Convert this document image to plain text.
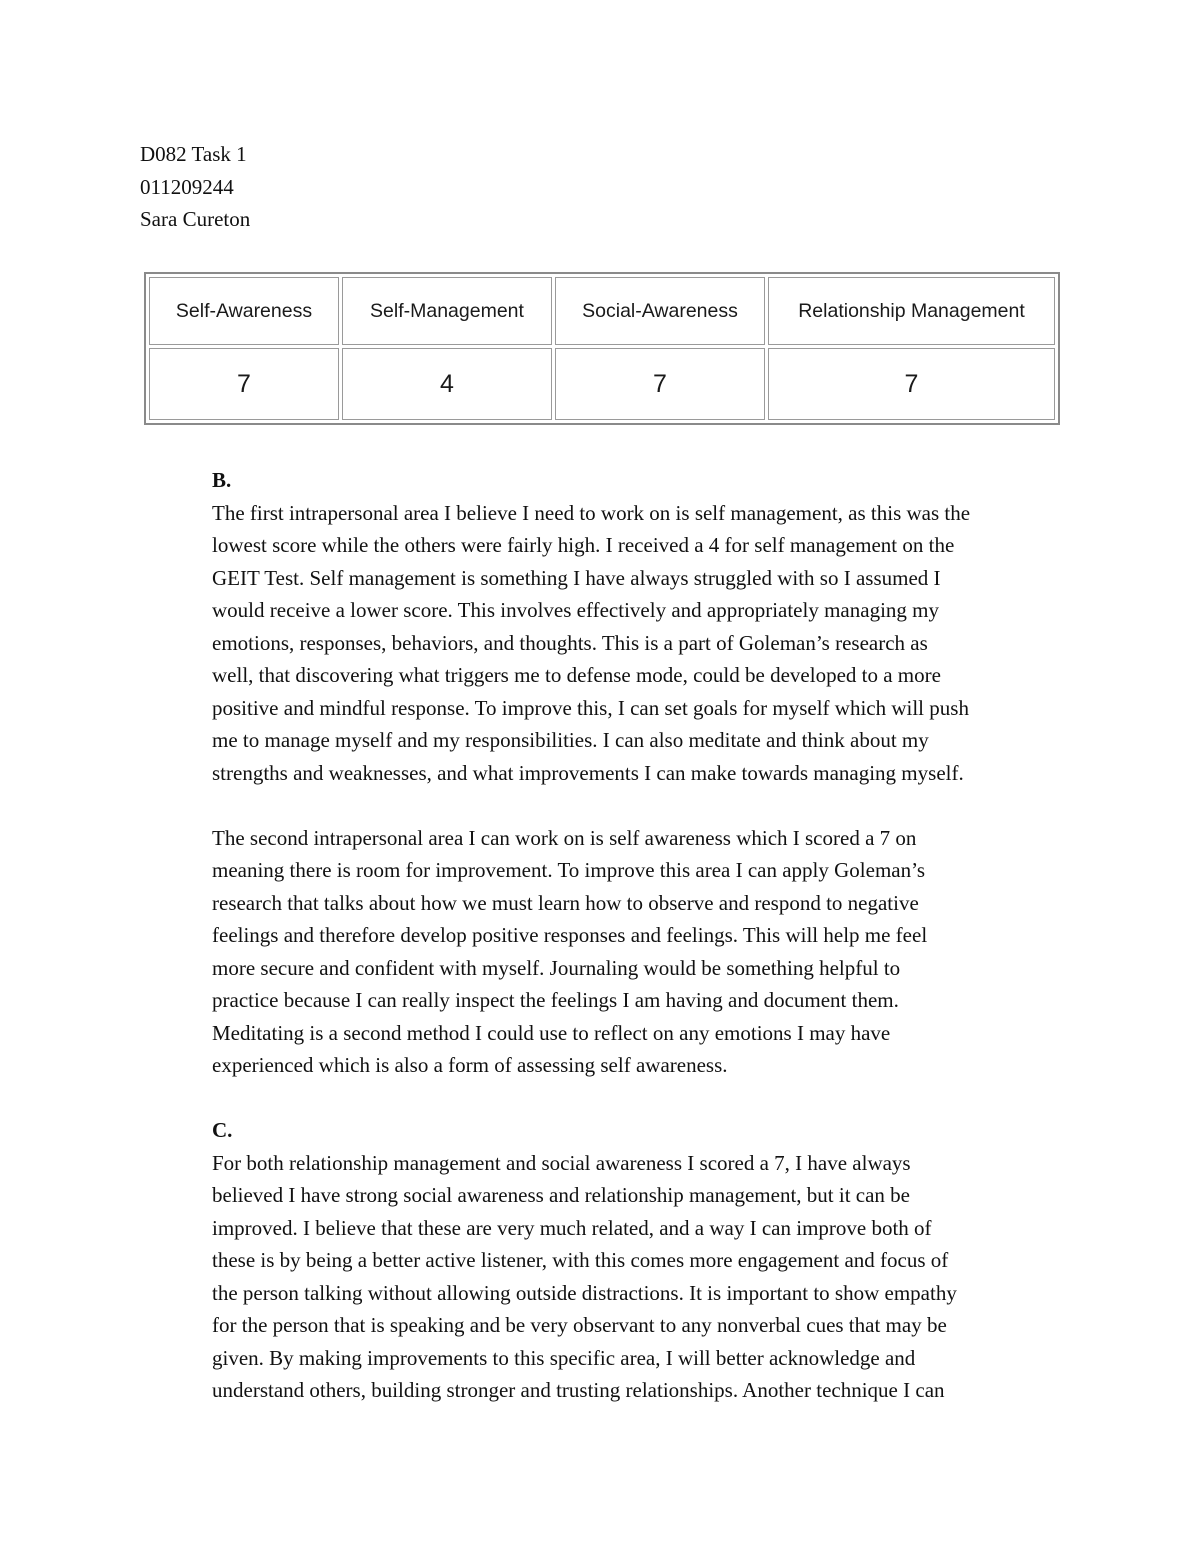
D082 Task 1
011209244
Sara Cureton
Self-Awareness	Self-Management	Social-Awareness	Relationship Management
7	4	7	7
B.
The first intrapersonal area I believe I need to work on is self management, as this was the
lowest score while the others were fairly high. I received a 4 for self management on the
GEIT Test. Self management is something I have always struggled with so I assumed I
would receive a lower score. This involves effectively and appropriately managing my
emotions, responses, behaviors, and thoughts. This is a part of Goleman’s research as
well, that discovering what triggers me to defense mode, could be developed to a more
positive and mindful response. To improve this, I can set goals for myself which will push
me to manage myself and my responsibilities. I can also meditate and think about my
strengths and weaknesses, and what improvements I can make towards managing myself.
The second intrapersonal area I can work on is self awareness which I scored a 7 on
meaning there is room for improvement. To improve this area I can apply Goleman’s
research that talks about how we must learn how to observe and respond to negative
feelings and therefore develop positive responses and feelings. This will help me feel
more secure and confident with myself. Journaling would be something helpful to
practice because I can really inspect the feelings I am having and document them.
Meditating is a second method I could use to reflect on any emotions I may have
experienced which is also a form of assessing self awareness.
C.
For both relationship management and social awareness I scored a 7, I have always
believed I have strong social awareness and relationship management, but it can be
improved. I believe that these are very much related, and a way I can improve both of
these is by being a better active listener, with this comes more engagement and focus of
the person talking without allowing outside distractions. It is important to show empathy
for the person that is speaking and be very observant to any nonverbal cues that may be
given. By making improvements to this specific area, I will better acknowledge and
understand others, building stronger and trusting relationships. Another technique I can
